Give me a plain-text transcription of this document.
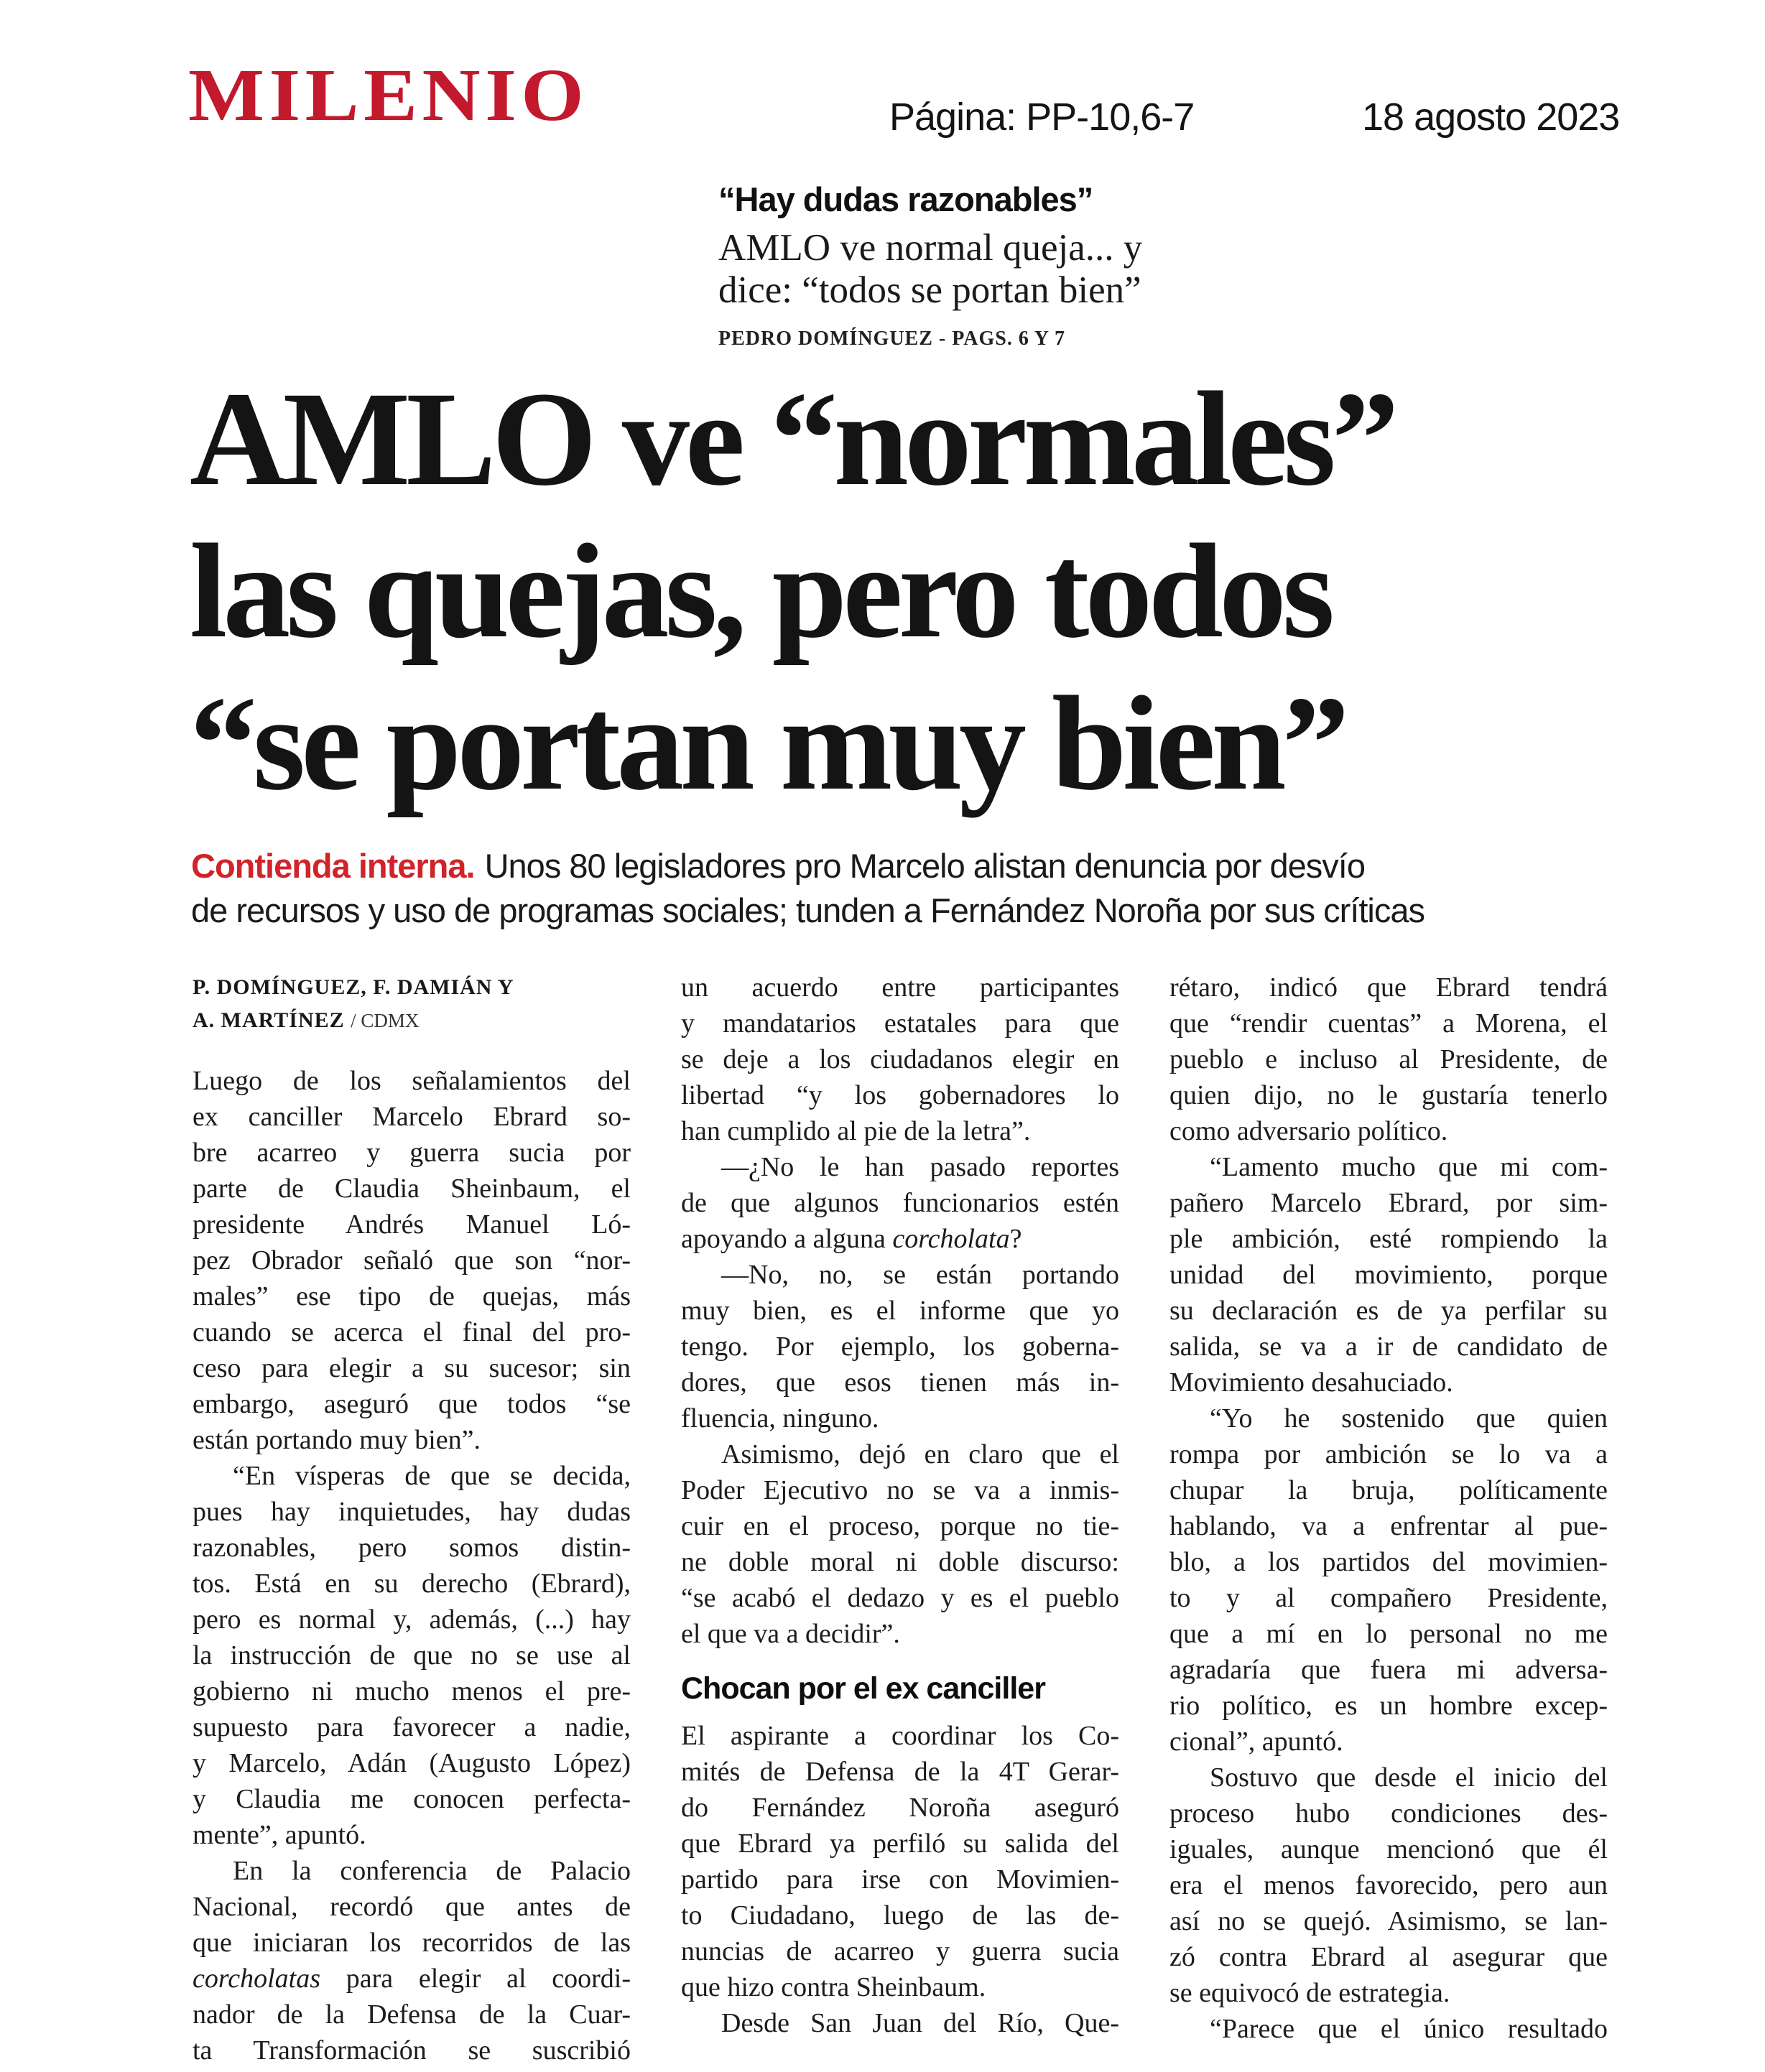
MILENIO	Página: PP-10,6-7	18 agosto 2023
“Hay dudas razonables”
AMLO ve normal queja... y
dice: “todos se portan bien”
PEDRO DOMÍNGUEZ - PAGS. 6 Y 7
AMLO ve “normales”
las quejas, pero todos
“se portan muy bien”
Contienda interna. Unos 80 legisladores pro Marcelo alistan denuncia por desvío
de recursos y uso de programas sociales; tunden a Fernández Noroña por sus críticas
P. DOMÍNGUEZ, F. DAMIÁN Y
A. MARTÍNEZ / CDMX
Luego de los señalamientos del
ex canciller Marcelo Ebrard so-
bre acarreo y guerra sucia por
parte de Claudia Sheinbaum, el
presidente Andrés Manuel Ló-
pez Obrador señaló que son “nor-
males” ese tipo de quejas, más
cuando se acerca el final del pro-
ceso para elegir a su sucesor; sin
embargo, aseguró que todos “se
están portando muy bien”.
“En vísperas de que se decida,
pues hay inquietudes, hay dudas
razonables, pero somos distin-
tos. Está en su derecho (Ebrard),
pero es normal y, además, (...) hay
la instrucción de que no se use al
gobierno ni mucho menos el pre-
supuesto para favorecer a nadie,
y Marcelo, Adán (Augusto López)
y Claudia me conocen perfecta-
mente”, apuntó.
En la conferencia de Palacio
Nacional, recordó que antes de
que iniciaran los recorridos de las
corcholatas para elegir al coordi-
nador de la Defensa de la Cuar-
ta Transformación se suscribió
un acuerdo entre participantes
y mandatarios estatales para que
se deje a los ciudadanos elegir en
libertad “y los gobernadores lo
han cumplido al pie de la letra”.
—¿No le han pasado reportes
de que algunos funcionarios estén
apoyando a alguna corcholata?
—No, no, se están portando
muy bien, es el informe que yo
tengo. Por ejemplo, los goberna-
dores, que esos tienen más in-
fluencia, ninguno.
Asimismo, dejó en claro que el
Poder Ejecutivo no se va a inmis-
cuir en el proceso, porque no tie-
ne doble moral ni doble discurso:
“se acabó el dedazo y es el pueblo
el que va a decidir”.
Chocan por el ex canciller
El aspirante a coordinar los Co-
mités de Defensa de la 4T Gerar-
do Fernández Noroña aseguró
que Ebrard ya perfiló su salida del
partido para irse con Movimien-
to Ciudadano, luego de las de-
nuncias de acarreo y guerra sucia
que hizo contra Sheinbaum.
Desde San Juan del Río, Que-
rétaro, indicó que Ebrard tendrá
que “rendir cuentas” a Morena, el
pueblo e incluso al Presidente, de
quien dijo, no le gustaría tenerlo
como adversario político.
“Lamento mucho que mi com-
pañero Marcelo Ebrard, por sim-
ple ambición, esté rompiendo la
unidad del movimiento, porque
su declaración es de ya perfilar su
salida, se va a ir de candidato de
Movimiento desahuciado.
“Yo he sostenido que quien
rompa por ambición se lo va a
chupar la bruja, políticamente
hablando, va a enfrentar al pue-
blo, a los partidos del movimien-
to y al compañero Presidente,
que a mí en lo personal no me
agradaría que fuera mi adversa-
rio político, es un hombre excep-
cional”, apuntó.
Sostuvo que desde el inicio del
proceso hubo condiciones des-
iguales, aunque mencionó que él
era el menos favorecido, pero aun
así no se quejó. Asimismo, se lan-
zó contra Ebrard al asegurar que
se equivocó de estrategia.
“Parece que el único resultado
